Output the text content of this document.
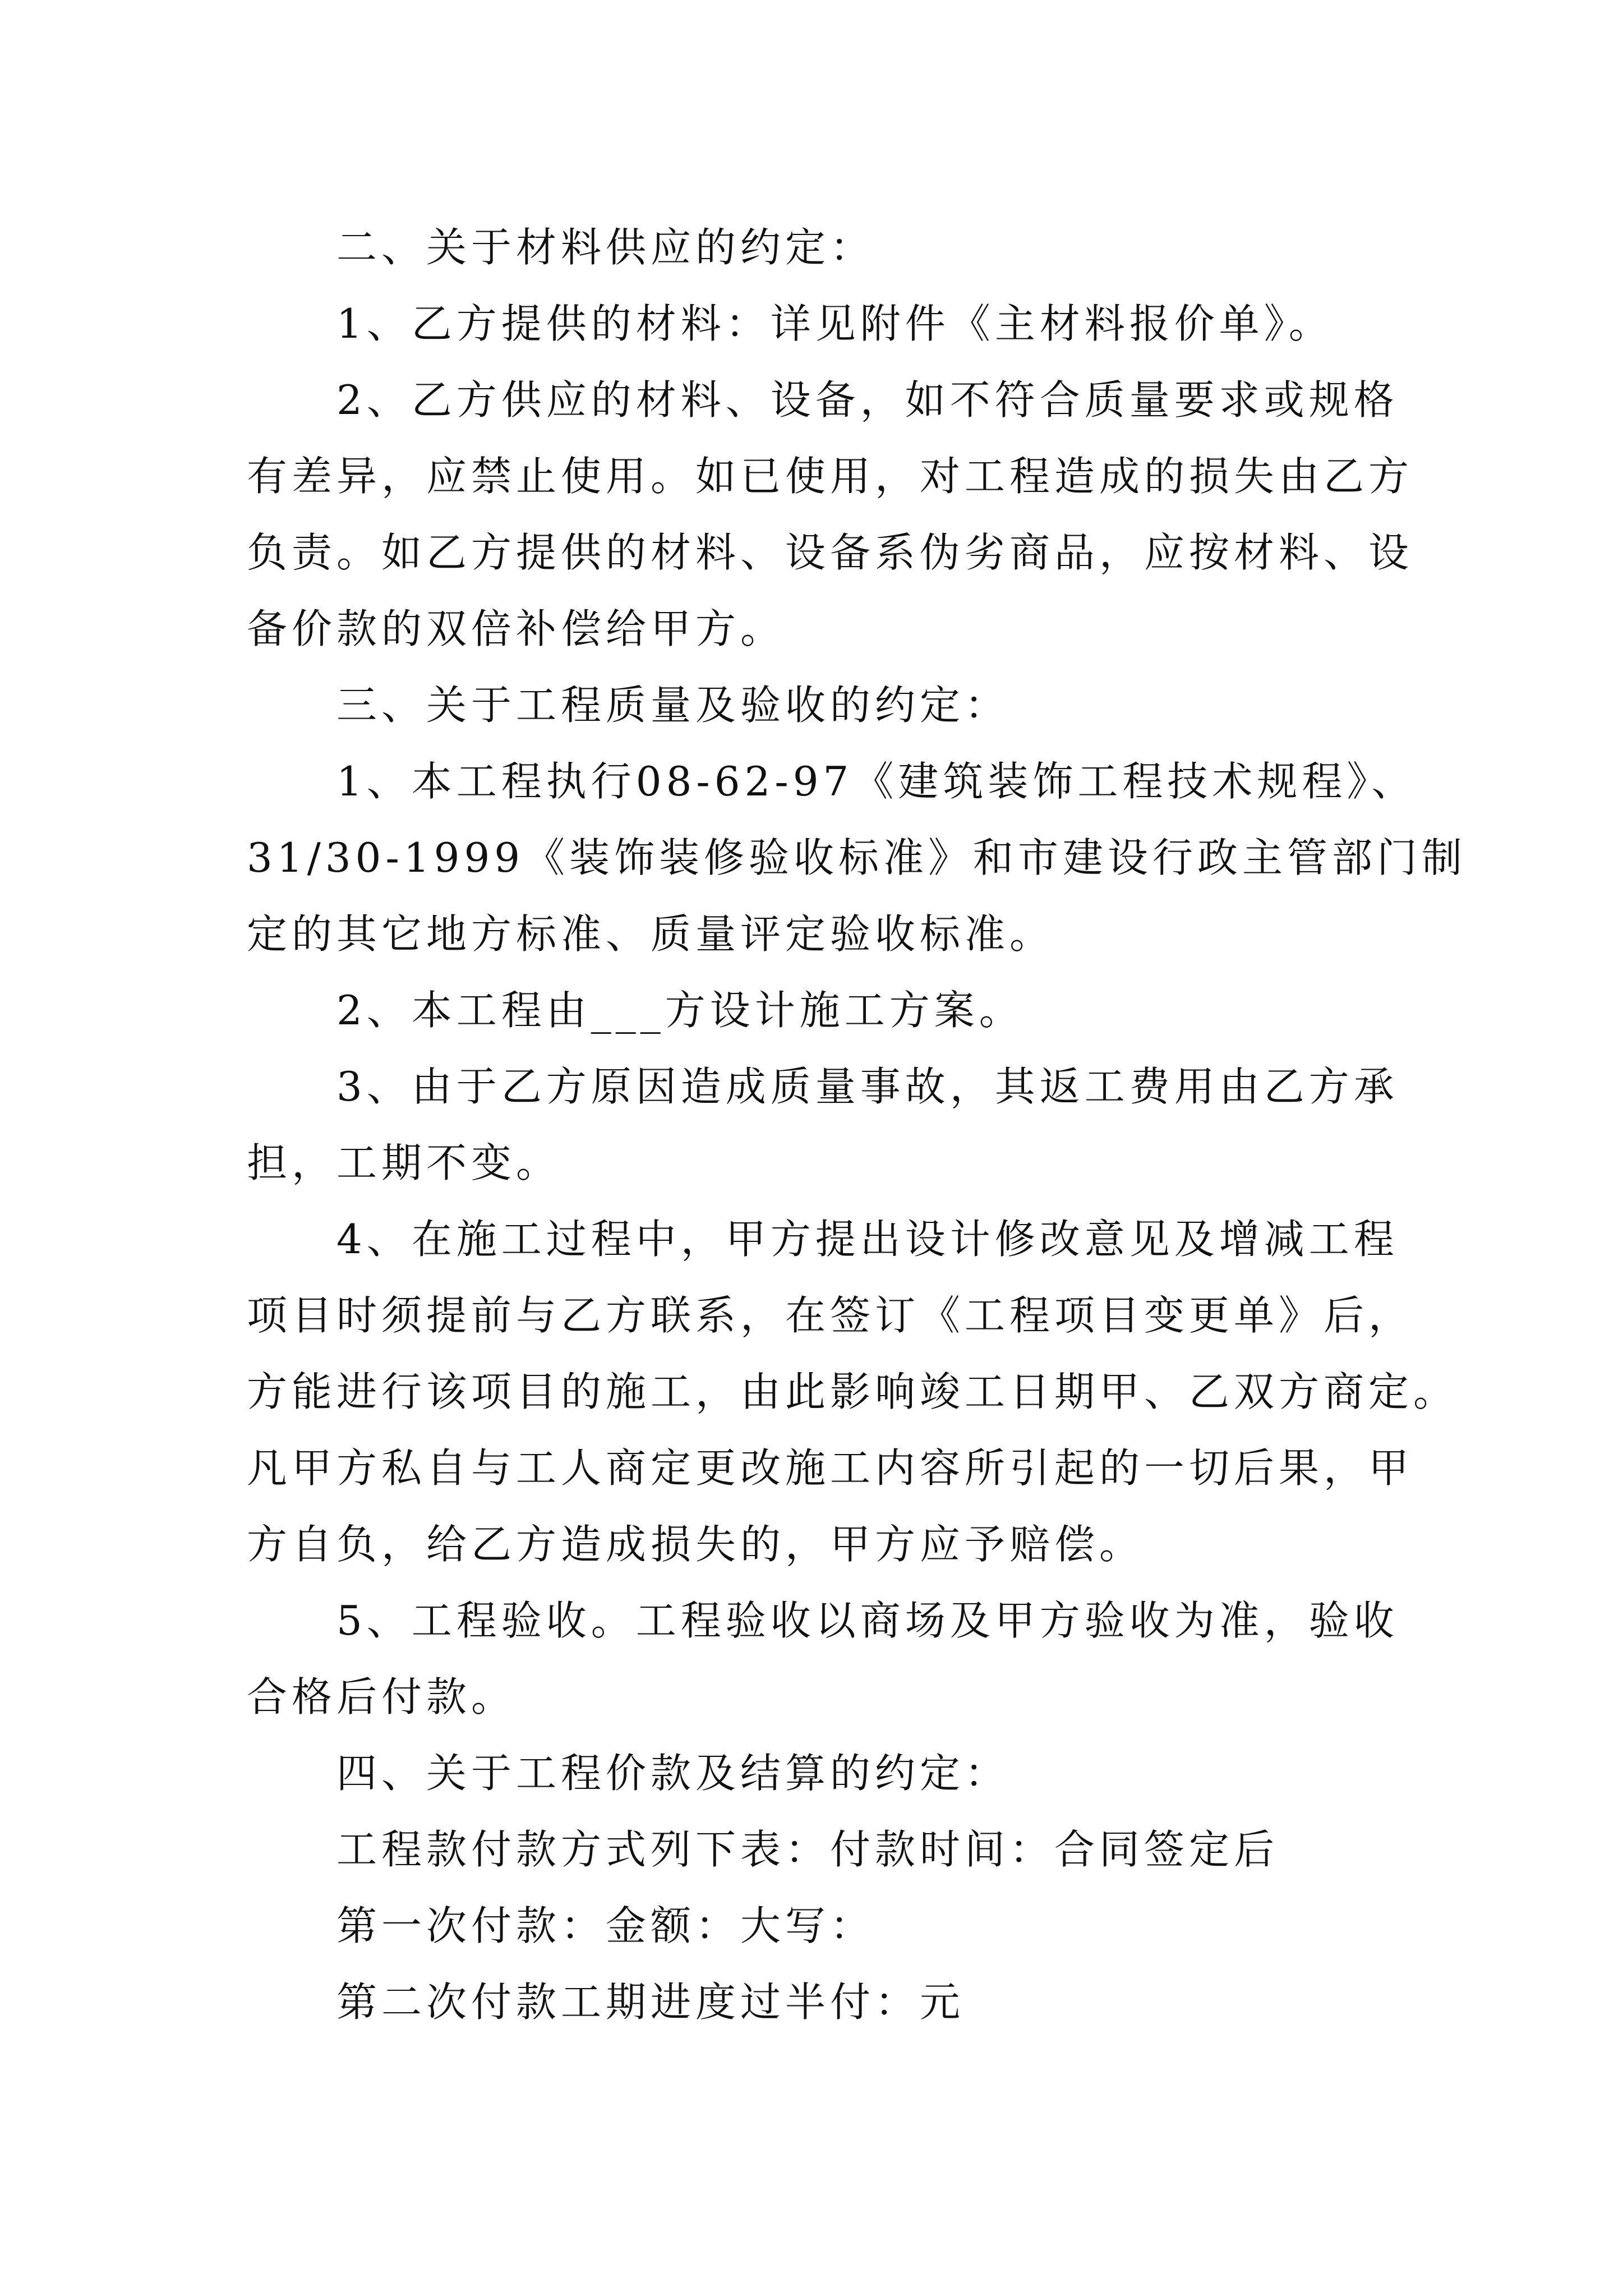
二、关于材料供应的约定：
1、乙方提供的材料：详见附件《主材料报价单》。
2、乙方供应的材料、设备，如不符合质量要求或规格
有差异，应禁止使用。如已使用，对工程造成的损失由乙方
负责。如乙方提供的材料、设备系伪劣商品，应按材料、设
备价款的双倍补偿给甲方。
三、关于工程质量及验收的约定：
1、本工程执行08-62-97《建筑装饰工程技术规程》、
31/30-1999《装饰装修验收标准》和市建设行政主管部门制
定的其它地方标准、质量评定验收标准。
2、本工程由___方设计施工方案。
3、由于乙方原因造成质量事故，其返工费用由乙方承
担，工期不变。
4、在施工过程中，甲方提出设计修改意见及增减工程
项目时须提前与乙方联系，在签订《工程项目变更单》后，
方能进行该项目的施工，由此影响竣工日期甲、乙双方商定。
凡甲方私自与工人商定更改施工内容所引起的一切后果，甲
方自负，给乙方造成损失的，甲方应予赔偿。
5、工程验收。工程验收以商场及甲方验收为准，验收
合格后付款。
四、关于工程价款及结算的约定：
工程款付款方式列下表：付款时间：合同签定后
第一次付款：金额：大写：
第二次付款工期进度过半付：元
